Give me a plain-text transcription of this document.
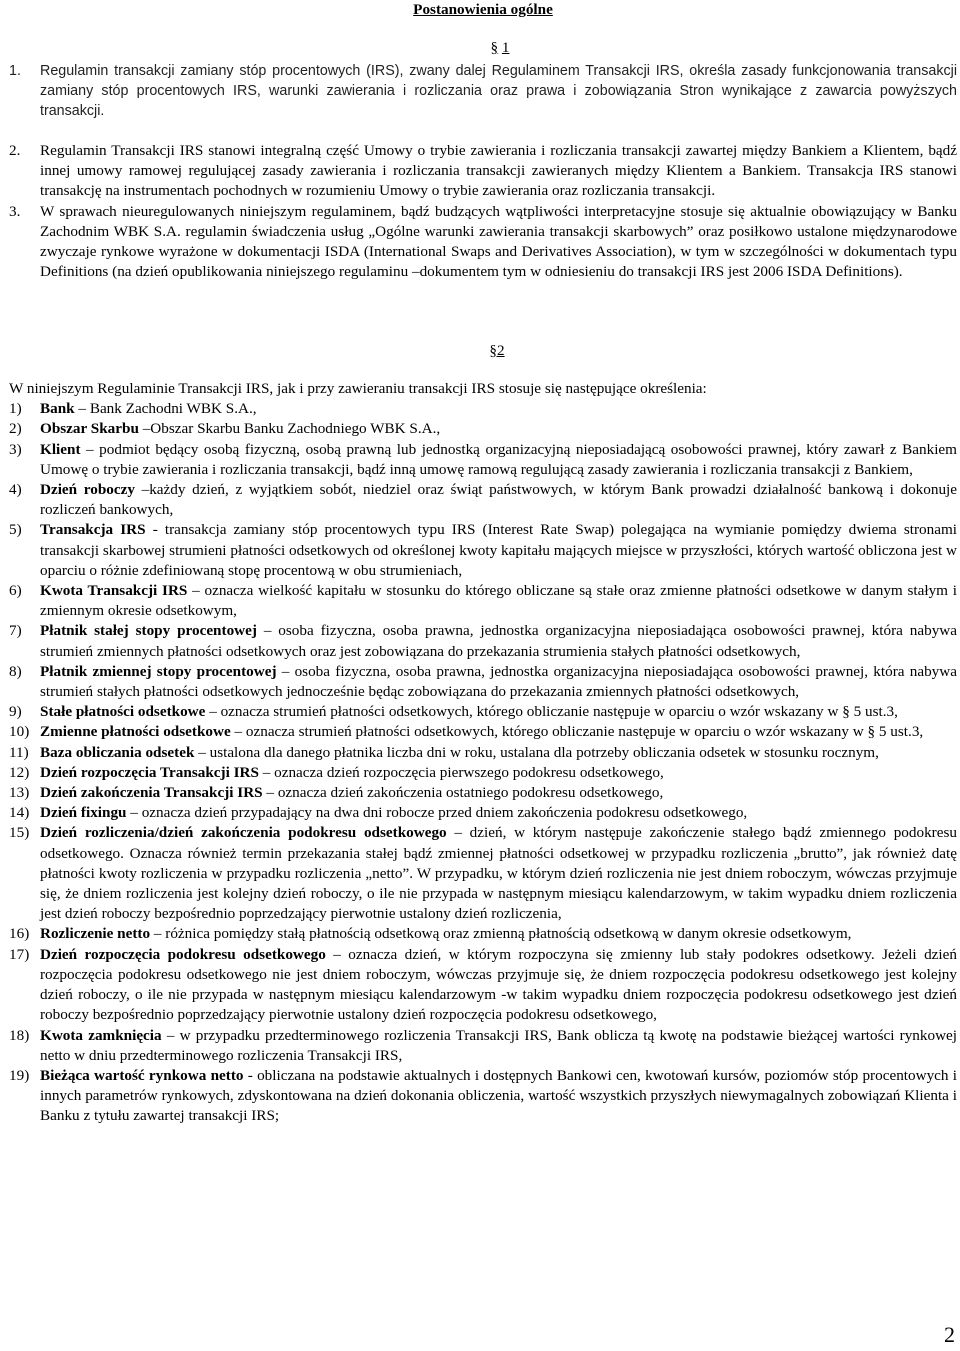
Postanowienia ogólne
§ 1
1. Regulamin transakcji zamiany stóp procentowych (IRS), zwany dalej Regulaminem Transakcji IRS, określa zasady funkcjonowania transakcji zamiany stóp procentowych IRS, warunki zawierania i rozliczania oraz prawa i zobowiązania Stron wynikające z zawarcia powyższych transakcji.
2. Regulamin Transakcji IRS stanowi integralną część Umowy o trybie zawierania i rozliczania transakcji zawartej między Bankiem a Klientem, bądź innej umowy ramowej regulującej zasady zawierania i rozliczania transakcji zawieranych między Klientem a Bankiem. Transakcja IRS stanowi transakcję na instrumentach pochodnych w rozumieniu Umowy o trybie zawierania oraz rozliczania transakcji.
3. W sprawach nieuregulowanych niniejszym regulaminem, bądź budzących wątpliwości interpretacyjne stosuje się aktualnie obowiązujący w Banku Zachodnim WBK S.A. regulamin świadczenia usług „Ogólne warunki zawierania transakcji skarbowych” oraz posiłkowo ustalone międzynarodowe zwyczaje rynkowe wyrażone w dokumentacji ISDA (International Swaps and Derivatives Association), w tym w szczególności w dokumentach typu Definitions (na dzień opublikowania niniejszego regulaminu –dokumentem tym w odniesieniu do transakcji IRS jest 2006 ISDA Definitions).
§2
W niniejszym Regulaminie Transakcji IRS, jak i przy zawieraniu transakcji IRS stosuje się następujące określenia:
1) Bank – Bank Zachodni WBK S.A.,
2) Obszar Skarbu –Obszar Skarbu Banku Zachodniego WBK S.A.,
3) Klient – podmiot będący osobą fizyczną, osobą prawną lub jednostką organizacyjną nieposiadającą osobowości prawnej, który zawarł z Bankiem Umowę o trybie zawierania i rozliczania transakcji, bądź inną umowę ramową regulującą zasady zawierania i rozliczania transakcji z Bankiem,
4) Dzień roboczy –każdy dzień, z wyjątkiem sobót, niedziel oraz świąt państwowych, w którym Bank prowadzi działalność bankową i dokonuje rozliczeń bankowych,
5) Transakcja IRS - transakcja zamiany stóp procentowych typu IRS (Interest Rate Swap) polegająca na wymianie pomiędzy dwiema stronami transakcji skarbowej strumieni płatności odsetkowych od określonej kwoty kapitału mających miejsce w przyszłości, których wartość obliczona jest w oparciu o różnie zdefiniowaną stopę procentową w obu strumieniach,
6) Kwota Transakcji IRS – oznacza wielkość kapitału w stosunku do którego obliczane są stałe oraz zmienne płatności odsetkowe w danym stałym i zmiennym okresie odsetkowym,
7) Płatnik stałej stopy procentowej – osoba fizyczna, osoba prawna, jednostka organizacyjna nieposiadająca osobowości prawnej, która nabywa strumień zmiennych płatności odsetkowych oraz jest zobowiązana do przekazania strumienia stałych płatności odsetkowych,
8) Płatnik zmiennej stopy procentowej – osoba fizyczna, osoba prawna, jednostka organizacyjna nieposiadająca osobowości prawnej, która nabywa strumień stałych płatności odsetkowych jednocześnie będąc zobowiązana do przekazania zmiennych płatności odsetkowych,
9) Stałe płatności odsetkowe – oznacza strumień płatności odsetkowych, którego obliczanie następuje w oparciu o wzór wskazany w § 5 ust.3,
10) Zmienne płatności odsetkowe – oznacza strumień płatności odsetkowych, którego obliczanie następuje w oparciu o wzór wskazany w § 5 ust.3,
11) Baza obliczania odsetek – ustalona dla danego płatnika liczba dni w roku, ustalana dla potrzeby obliczania odsetek w stosunku rocznym,
12) Dzień rozpoczęcia Transakcji IRS – oznacza dzień rozpoczęcia pierwszego podokresu odsetkowego,
13) Dzień zakończenia Transakcji IRS – oznacza dzień zakończenia ostatniego podokresu odsetkowego,
14) Dzień fixingu – oznacza dzień przypadający na dwa dni robocze przed dniem zakończenia podokresu odsetkowego,
15) Dzień rozliczenia/dzień zakończenia podokresu odsetkowego – dzień, w którym następuje zakończenie stałego bądź zmiennego podokresu odsetkowego. Oznacza również termin przekazania stałej bądź zmiennej płatności odsetkowej w przypadku rozliczenia „brutto”, jak również datę płatności kwoty rozliczenia w przypadku rozliczenia „netto”. W przypadku, w którym dzień rozliczenia nie jest dniem roboczym, wówczas przyjmuje się, że dniem rozliczenia jest kolejny dzień roboczy, o ile nie przypada w następnym miesiącu kalendarzowym, w takim wypadku dniem rozliczenia jest dzień roboczy bezpośrednio poprzedzający pierwotnie ustalony dzień rozliczenia,
16) Rozliczenie netto – różnica pomiędzy stałą płatnością odsetkową oraz zmienną płatnością odsetkową w danym okresie odsetkowym,
17) Dzień rozpoczęcia podokresu odsetkowego – oznacza dzień, w którym rozpoczyna się zmienny lub stały podokres odsetkowy. Jeżeli dzień rozpoczęcia podokresu odsetkowego nie jest dniem roboczym, wówczas przyjmuje się, że dniem rozpoczęcia podokresu odsetkowego jest kolejny dzień roboczy, o ile nie przypada w następnym miesiącu kalendarzowym -w takim wypadku dniem rozpoczęcia podokresu odsetkowego jest dzień roboczy bezpośrednio poprzedzający pierwotnie ustalony dzień rozpoczęcia podokresu odsetkowego,
18) Kwota zamknięcia – w przypadku przedterminowego rozliczenia Transakcji IRS, Bank oblicza tą kwotę na podstawie bieżącej wartości rynkowej netto w dniu przedterminowego rozliczenia Transakcji IRS,
19) Bieżąca wartość rynkowa netto - obliczana na podstawie aktualnych i dostępnych Bankowi cen, kwotowań kursów, poziomów stóp procentowych i innych parametrów rynkowych, zdyskontowana na dzień dokonania obliczenia, wartość wszystkich przyszłych niewymagalnych zobowiązań Klienta i Banku z tytułu zawartej transakcji IRS;
2
